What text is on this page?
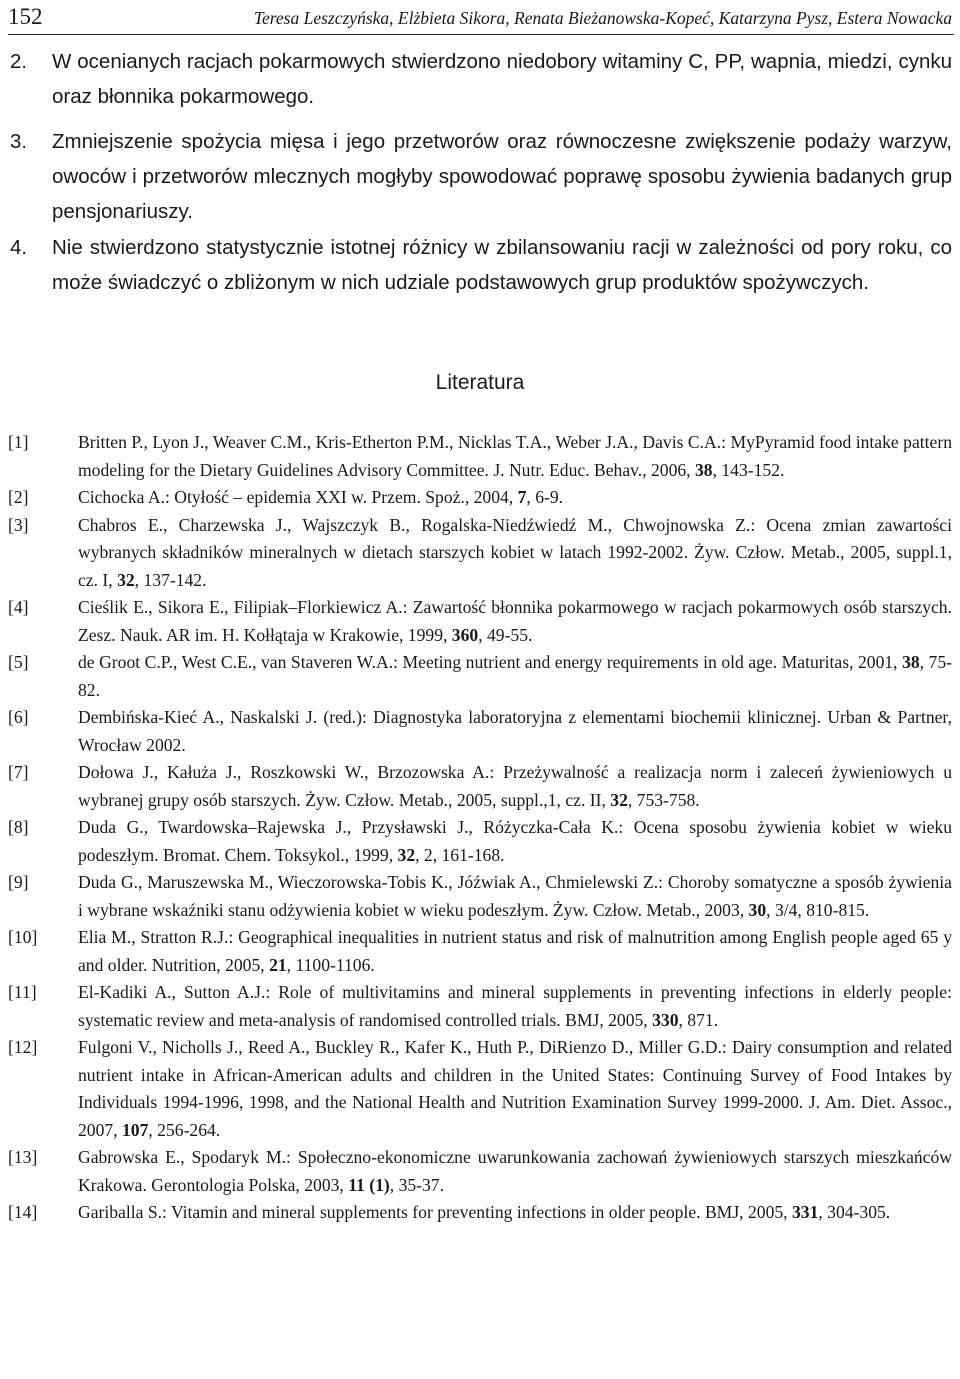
152	Teresa Leszczyńska, Elżbieta Sikora, Renata Bieżanowska-Kopeć, Katarzyna Pysz, Estera Nowacka
2. W ocenianych racjach pokarmowych stwierdzono niedobory witaminy C, PP, wapnia, miedzi, cynku oraz błonnika pokarmowego.
3. Zmniejszenie spożycia mięsa i jego przetworów oraz równoczesne zwiększenie podaży warzyw, owoców i przetworów mlecznych mogłyby spowodować poprawę sposobu żywienia badanych grup pensjonariuszy.
4. Nie stwierdzono statystycznie istotnej różnicy w zbilansowaniu racji w zależności od pory roku, co może świadczyć o zbliżonym w nich udziale podstawowych grup produktów spożywczych.
Literatura
[1]	Britten P., Lyon J., Weaver C.M., Kris-Etherton P.M., Nicklas T.A., Weber J.A., Davis C.A.: MyPyramid food intake pattern modeling for the Dietary Guidelines Advisory Committee. J. Nutr. Educ. Behav., 2006, 38, 143-152.
[2]	Cichocka A.: Otyłość – epidemia XXI w. Przem. Spoż., 2004, 7, 6-9.
[3]	Chabros E., Charzewska J., Wajszczyk B., Rogalska-Niedźwiedź M., Chwojnowska Z.: Ocena zmian zawartości wybranych składników mineralnych w dietach starszych kobiet w latach 1992-2002. Żyw. Człow. Metab., 2005, suppl.1, cz. I, 32, 137-142.
[4]	Cieślik E., Sikora E., Filipiak–Florkiewicz A.: Zawartość błonnika pokarmowego w racjach pokarmowych osób starszych. Zesz. Nauk. AR im. H. Kołłątaja w Krakowie, 1999, 360, 49-55.
[5]	de Groot C.P., West C.E., van Staveren W.A.: Meeting nutrient and energy requirements in old age. Maturitas, 2001, 38, 75-82.
[6]	Dembińska-Kieć A., Naskalski J. (red.): Diagnostyka laboratoryjna z elementami biochemii klinicznej. Urban & Partner, Wrocław 2002.
[7]	Dołowa J., Kałuża J., Roszkowski W., Brzozowska A.: Przeżywalność a realizacja norm i zaleceń żywieniowych u wybranej grupy osób starszych. Żyw. Człow. Metab., 2005, suppl.,1, cz. II, 32, 753-758.
[8]	Duda G., Twardowska–Rajewska J., Przysławski J., Różyczka-Cała K.: Ocena sposobu żywienia kobiet w wieku podeszłym. Bromat. Chem. Toksykol., 1999, 32, 2, 161-168.
[9]	Duda G., Maruszewska M., Wieczorowska-Tobis K., Jóźwiak A., Chmielewski Z.: Choroby somatyczne a sposób żywienia i wybrane wskaźniki stanu odżywienia kobiet w wieku podeszłym. Żyw. Człow. Metab., 2003, 30, 3/4, 810-815.
[10] Elia M., Stratton R.J.: Geographical inequalities in nutrient status and risk of malnutrition among English people aged 65 y and older. Nutrition, 2005, 21, 1100-1106.
[11] El-Kadiki A., Sutton A.J.: Role of multivitamins and mineral supplements in preventing infections in elderly people: systematic review and meta-analysis of randomised controlled trials. BMJ, 2005, 330, 871.
[12] Fulgoni V., Nicholls J., Reed A., Buckley R., Kafer K., Huth P., DiRienzo D., Miller G.D.: Dairy consumption and related nutrient intake in African-American adults and children in the United States: Continuing Survey of Food Intakes by Individuals 1994-1996, 1998, and the National Health and Nutrition Examination Survey 1999-2000. J. Am. Diet. Assoc., 2007, 107, 256-264.
[13] Gabrowska E., Spodaryk M.: Społeczno-ekonomiczne uwarunkowania zachowań żywieniowych starszych mieszkańców Krakowa. Gerontologia Polska, 2003, 11 (1), 35-37.
[14] Gariballa S.: Vitamin and mineral supplements for preventing infections in older people. BMJ, 2005, 331, 304-305.
